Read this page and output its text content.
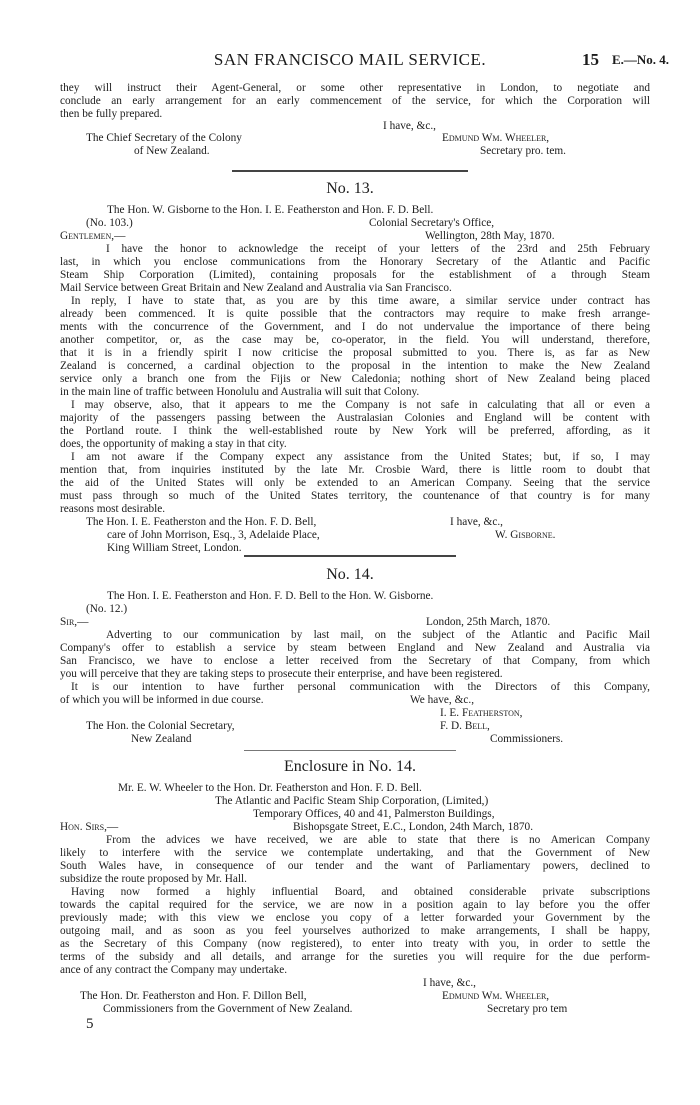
SAN FRANCISCO MAIL SERVICE.	15 E.—No. 4.
they will instruct their Agent-General, or some other representative in London, to negotiate and
conclude an early arrangement for an early commencement of the service, for which the Corporation will
then be fully prepared.
I have, &c.,
The Chief Secretary of the Colony	Edmund Wm. Wheeler,
of New Zealand.	Secretary pro. tem.
No. 13.
The Hon. W. Gisborne to the Hon. I. E. Featherston and Hon. F. D. Bell.
(No. 103.)	Colonial Secretary's Office,
Gentlemen,—	Wellington, 28th May, 1870.
I have the honor to acknowledge the receipt of your letters of the 23rd and 25th February
last, in which you enclose communications from the Honorary Secretary of the Atlantic and Pacific
Steam Ship Corporation (Limited), containing proposals for the establishment of a through Steam
Mail Service between Great Britain and New Zealand and Australia via San Francisco.
In reply, I have to state that, as you are by this time aware, a similar service under contract has
already been commenced. It is quite possible that the contractors may require to make fresh arrange-
ments with the concurrence of the Government, and I do not undervalue the importance of there being
another competitor, or, as the case may be, co-operator, in the field. You will understand, therefore,
that it is in a friendly spirit I now criticise the proposal submitted to you. There is, as far as New
Zealand is concerned, a cardinal objection to the proposal in the intention to make the New Zealand
service only a branch one from the Fijis or New Caledonia; nothing short of New Zealand being placed
in the main line of traffic between Honolulu and Australia will suit that Colony.
I may observe, also, that it appears to me the Company is not safe in calculating that all or even a
majority of the passengers passing between the Australasian Colonies and England will be content with
the Portland route. I think the well-established route by New York will be preferred, affording, as it
does, the opportunity of making a stay in that city.
I am not aware if the Company expect any assistance from the United States; but, if so, I may
mention that, from inquiries instituted by the late Mr. Crosbie Ward, there is little room to doubt that
the aid of the United States will only be extended to an American Company. Seeing that the service
must pass through so much of the United States territory, the countenance of that country is for many
reasons most desirable.
The Hon. I. E. Featherston and the Hon. F. D. Bell,	I have, &c.,
care of John Morrison, Esq., 3, Adelaide Place,	W. Gisborne.
King William Street, London.
No. 14.
The Hon. I. E. Featherston and Hon. F. D. Bell to the Hon. W. Gisborne.
(No. 12.)
Sir,—	London, 25th March, 1870.
Adverting to our communication by last mail, on the subject of the Atlantic and Pacific Mail
Company's offer to establish a service by steam between England and New Zealand and Australia via
San Francisco, we have to enclose a letter received from the Secretary of that Company, from which
you will perceive that they are taking steps to prosecute their enterprise, and have been registered.
It is our intention to have further personal communication with the Directors of this Company,
of which you will be informed in due course.	We have, &c.,
I. E. Featherston,
The Hon. the Colonial Secretary,	F. D. Bell,
New Zealand	Commissioners.
Enclosure in No. 14.
Mr. E. W. Wheeler to the Hon. Dr. Featherston and Hon. F. D. Bell.
The Atlantic and Pacific Steam Ship Corporation, (Limited,)
Temporary Offices, 40 and 41, Palmerston Buildings,
Hon. Sirs,—	Bishopsgate Street, E.C., London, 24th March, 1870.
From the advices we have received, we are able to state that there is no American Company
likely to interfere with the service we contemplate undertaking, and that the Government of New
South Wales have, in consequence of our tender and the want of Parliamentary powers, declined to
subsidize the route proposed by Mr. Hall.
Having now formed a highly influential Board, and obtained considerable private subscriptions
towards the capital required for the service, we are now in a position again to lay before you the offer
previously made; with this view we enclose you copy of a letter forwarded your Government by the
outgoing mail, and as soon as you feel yourselves authorized to make arrangements, I shall be happy,
as the Secretary of this Company (now registered), to enter into treaty with you, in order to settle the
terms of the subsidy and all details, and arrange for the sureties you will require for the due perform-
ance of any contract the Company may undertake.
I have, &c.,
The Hon. Dr. Featherston and Hon. F. Dillon Bell,	Edmund Wm. Wheeler,
Commissioners from the Government of New Zealand.	Secretary pro tem
5
